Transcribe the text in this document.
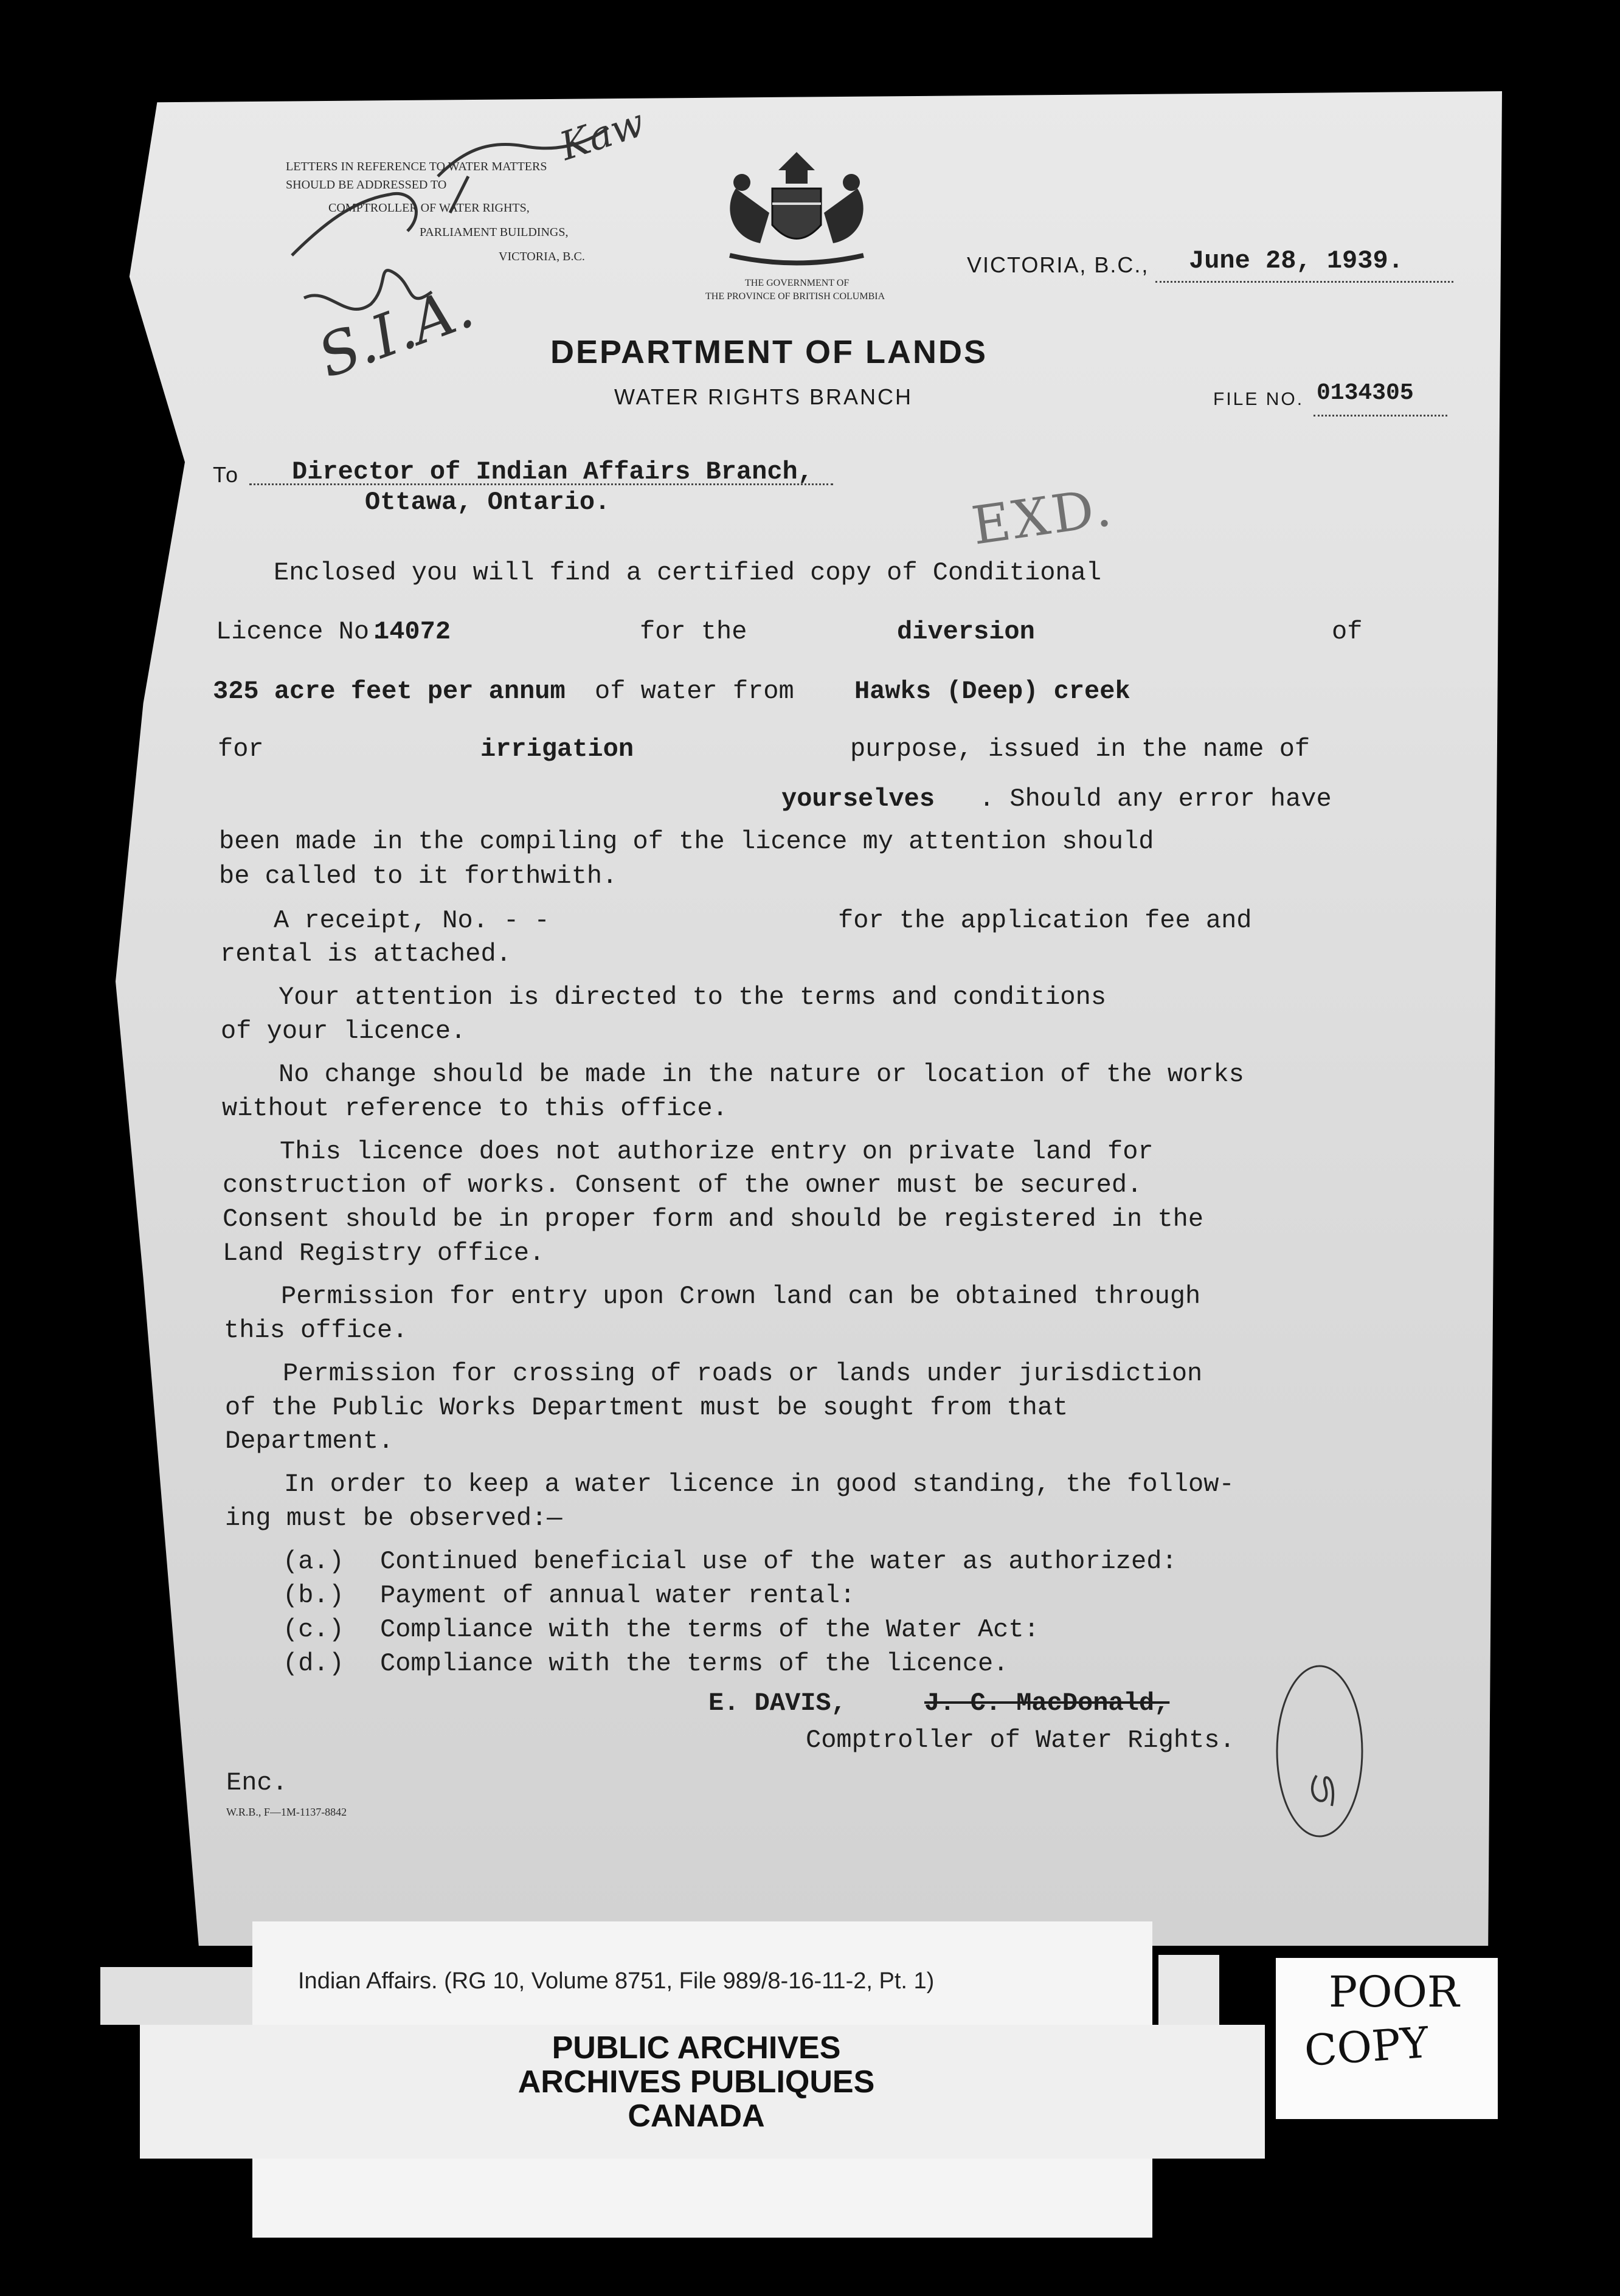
Kaw
S.I.A.
LETTERS IN REFERENCE TO WATER MATTERS
SHOULD BE ADDRESSED TO
COMPTROLLER OF WATER RIGHTS,
PARLIAMENT BUILDINGS,
VICTORIA, B.C.
THE GOVERNMENT OF
THE PROVINCE OF BRITISH COLUMBIA
VICTORIA, B.C., June 28, 1939.
DEPARTMENT OF LANDS
WATER RIGHTS BRANCH	FILE NO. 0134305
EXD.
To Director of Indian Affairs Branch,
Ottawa, Ontario.
Enclosed you will find a certified copy of Conditional
Licence No.
14072	for the	diversion	of
325 acre feet per annum of water from Hawks (Deep) creek
for	irrigation	purpose, issued in the name of
yourselves . Should any error have
been made in the compiling of the licence my attention should
be called to it forthwith.
A receipt, No. - -	for the application fee and
rental is attached.
Your attention is directed to the terms and conditions
of your licence.
No change should be made in the nature or location of the works
without reference to this office.
This licence does not authorize entry on private land for
construction of works. Consent of the owner must be secured.
Consent should be in proper form and should be registered in the
Land Registry office.
Permission for entry upon Crown land can be obtained through
this office.
Permission for crossing of roads or lands under jurisdiction
of the Public Works Department must be sought from that
Department.
In order to keep a water licence in good standing, the follow-
ing must be observed:—
(a.) Continued beneficial use of the water as authorized:
(b.) Payment of annual water rental:
(c.) Compliance with the terms of the Water Act:
(d.) Compliance with the terms of the licence.
E. DAVIS,	J. C. MacDonald,
Comptroller of Water Rights.
Enc.
W.R.B., F—1M-1137-8842
Indian Affairs. (RG 10, Volume 8751, File 989/8-16-11-2, Pt. 1)
PUBLIC ARCHIVES
ARCHIVES PUBLIQUES
CANADA
POOR
COPY
